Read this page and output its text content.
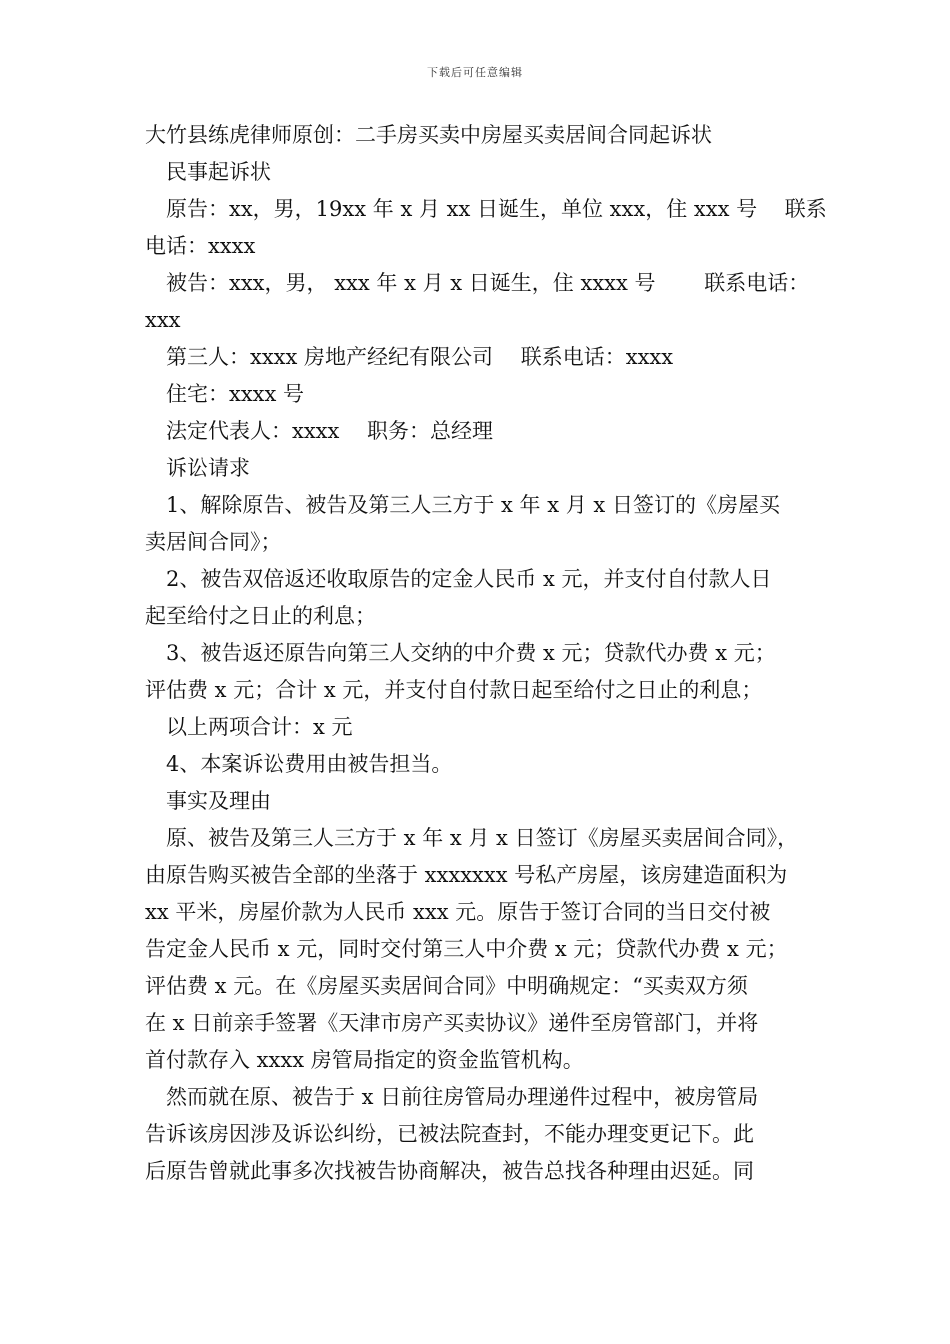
下载后可任意编辑
大竹县练虎律师原创：二手房买卖中房屋买卖居间合同起诉状
民事起诉状
原告：xx，男，19xx 年 x 月 xx 日诞生，单位 xxx，住 xxx 号　 联系
电话：xxxx
被告：xxx，男， xxx 年 x 月 x 日诞生，住 xxxx 号　　 联系电话：
xxx
第三人：xxxx 房地产经纪有限公司　 联系电话：xxxx
住宅：xxxx 号
法定代表人：xxxx　 职务：总经理
诉讼请求
1、解除原告、被告及第三人三方于 x 年 x 月 x 日签订的《房屋买
卖居间合同》；
2、被告双倍返还收取原告的定金人民币 x 元，并支付自付款人日
起至给付之日止的利息；
3、被告返还原告向第三人交纳的中介费 x 元；贷款代办费 x 元；
评估费 x 元；合计 x 元，并支付自付款日起至给付之日止的利息；
以上两项合计：x 元
4、本案诉讼费用由被告担当。
事实及理由
原、被告及第三人三方于 x 年 x 月 x 日签订《房屋买卖居间合同》，
由原告购买被告全部的坐落于 xxxxxxx 号私产房屋，该房建造面积为
xx 平米，房屋价款为人民币 xxx 元。原告于签订合同的当日交付被
告定金人民币 x 元，同时交付第三人中介费 x 元；贷款代办费 x 元；
评估费 x 元。在《房屋买卖居间合同》中明确规定：“买卖双方须
在 x 日前亲手签署《天津市房产买卖协议》递件至房管部门，并将
首付款存入 xxxx 房管局指定的资金监管机构。
然而就在原、被告于 x 日前往房管局办理递件过程中，被房管局
告诉该房因涉及诉讼纠纷，已被法院查封，不能办理变更记下。此
后原告曾就此事多次找被告协商解决，被告总找各种理由迟延。同
